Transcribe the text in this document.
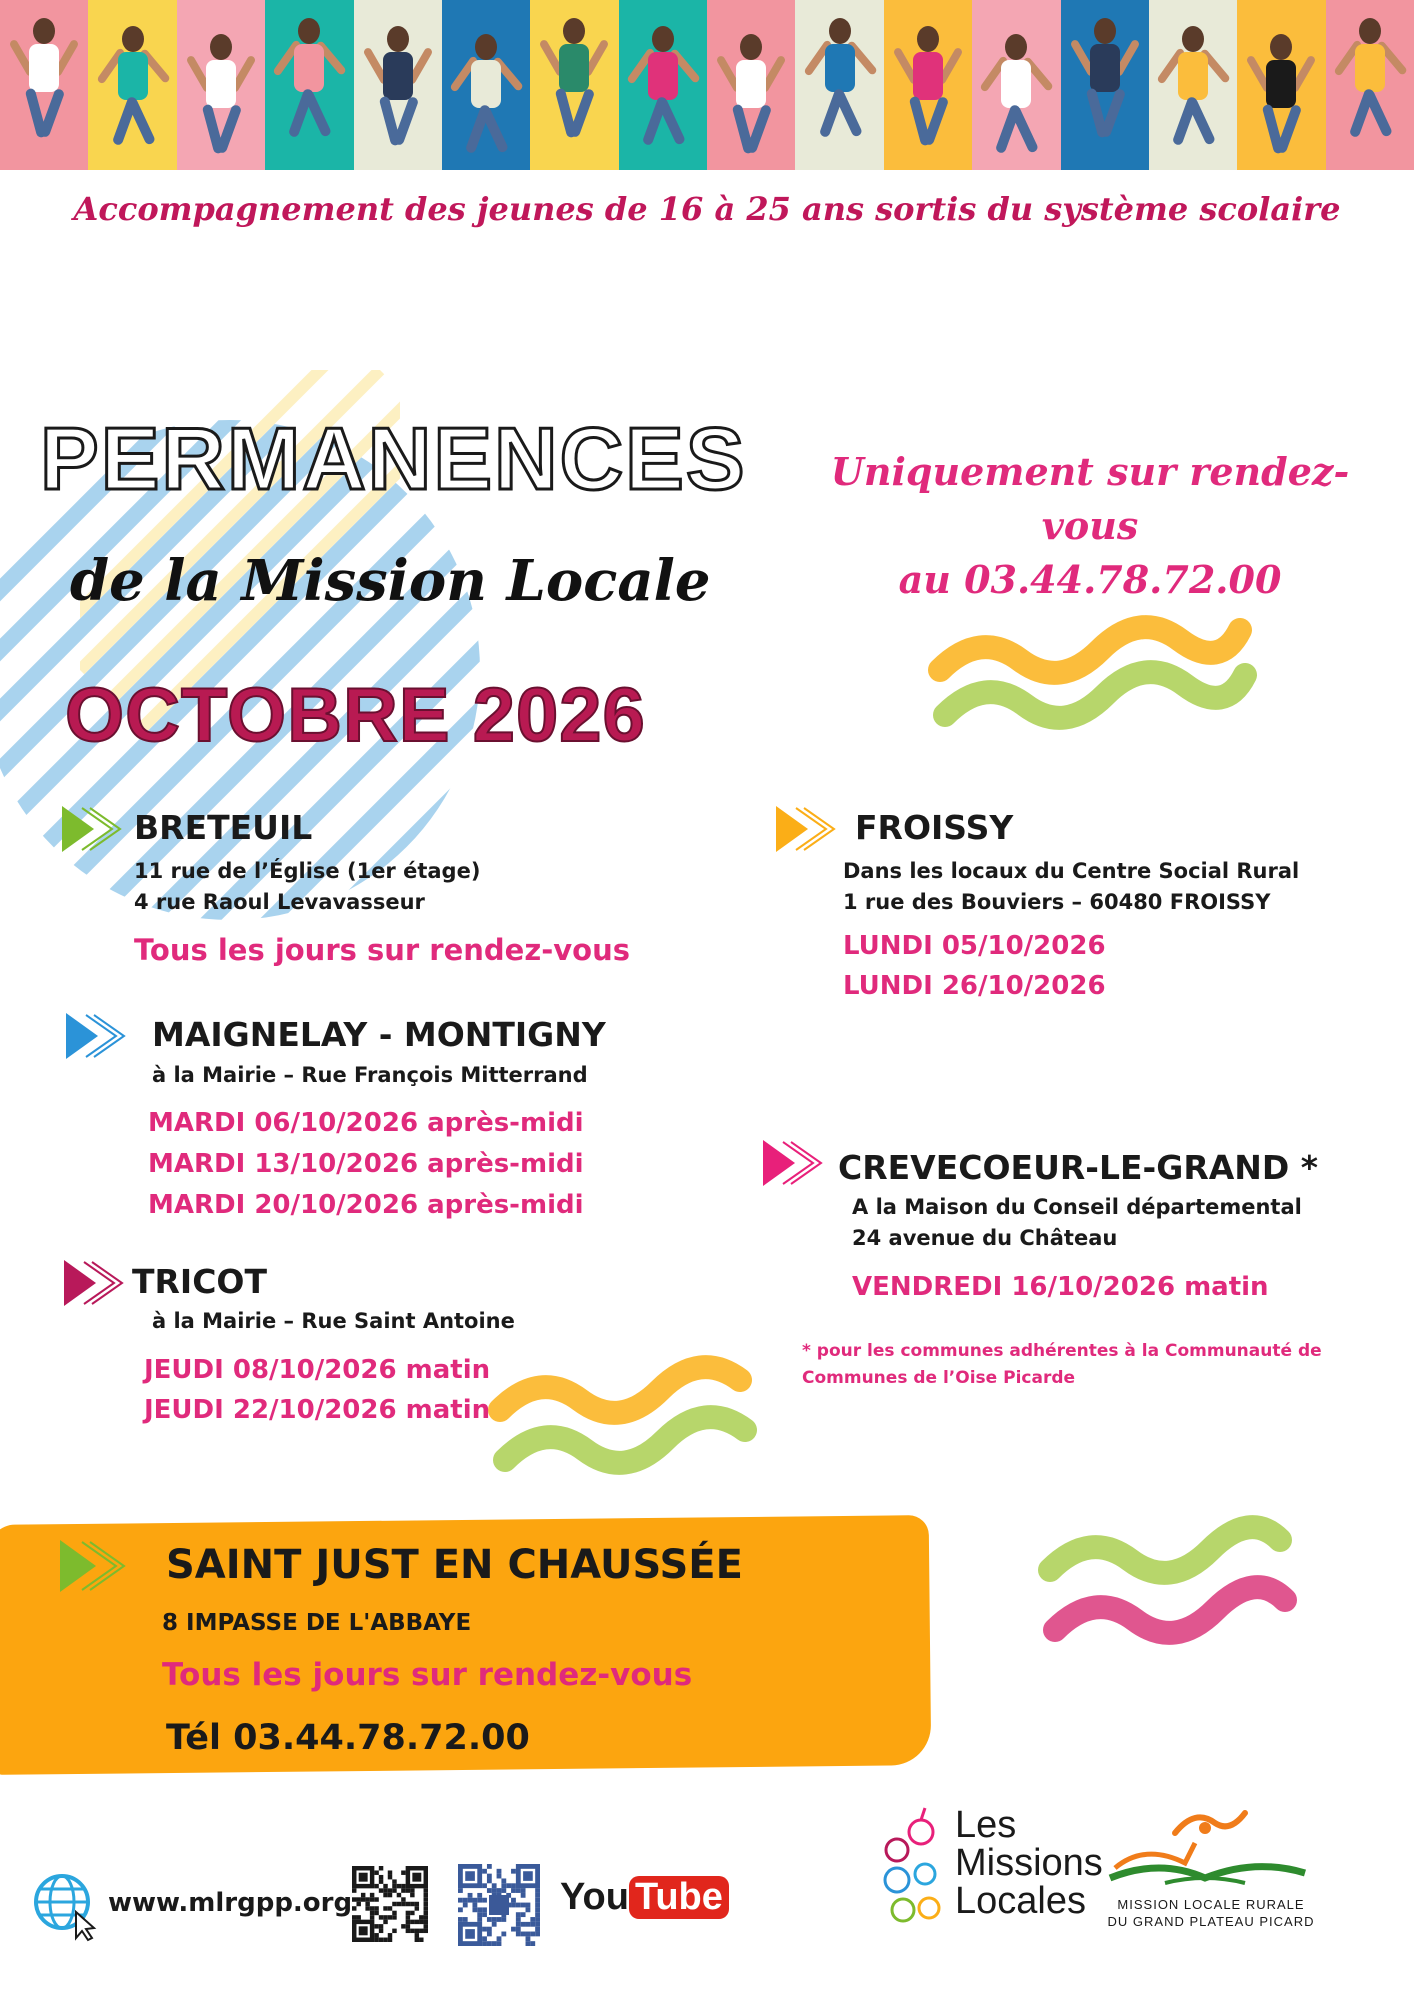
Accompagnement des jeunes de 16 à 25 ans sortis du système scolaire
EMPLOI INFORMATION VIE QUOTIDIENNE FORMATION ORIENTATION
PERMANENCES
de la Mission Locale
OCTOBRE 2026
Uniquement sur rendez-vous
au 03.44.78.72.00
BRETEUIL
11 rue de l’Église (1er étage)
4 rue Raoul Levavasseur
Tous les jours sur rendez-vous
FROISSY
Dans les locaux du Centre Social Rural
1 rue des Bouviers – 60480 FROISSY
LUNDI 05/10/2026
LUNDI 26/10/2026
MAIGNELAY - MONTIGNY
à la Mairie – Rue François Mitterrand
MARDI 06/10/2026 après-midi
MARDI 13/10/2026 après-midi
MARDI 20/10/2026 après-midi
CREVECOEUR-LE-GRAND *
A la Maison du Conseil départemental
24 avenue du Château
VENDREDI 16/10/2026 matin
* pour les communes adhérentes à la Communauté de Communes de l’Oise Picarde
TRICOT
à la Mairie – Rue Saint Antoine
JEUDI 08/10/2026 matin
JEUDI 22/10/2026 matin
SAINT JUST EN CHAUSSÉE
8 IMPASSE DE L'ABBAYE
Tous les jours sur rendez-vous
Tél 03.44.78.72.00
www.mlrgpp.org	You Tube
Les
Missions
Locales	MISSION LOCALE RURALE
DU GRAND PLATEAU PICARD
